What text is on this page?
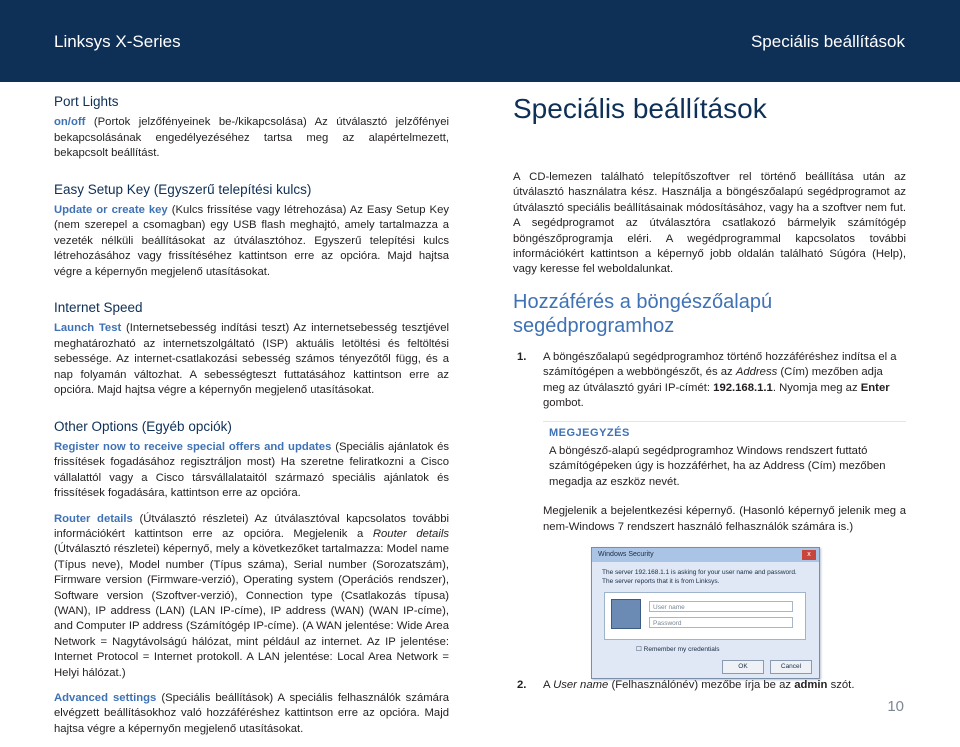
Linksys X-Series	Speciális beállítások
Port Lights

on/off (Portok jelzőfényeinek be-/kikapcsolása) Az útválasztó jelzőfényei bekapcsolásának engedélyezéséhez tartsa meg az alapértelmezett, bekapcsolt beállítást.

Easy Setup Key (Egyszerű telepítési kulcs)

Update or create key (Kulcs frissítése vagy létrehozása) Az Easy Setup Key (nem szerepel a csomagban) egy USB flash meghajtó, amely tartalmazza a vezeték nélküli beállításokat az útválasztóhoz. Egyszerű telepítési kulcs létrehozásához vagy frissítéséhez kattintson erre az opcióra. Majd hajtsa végre a képernyőn megjelenő utasításokat.

Internet Speed

Launch Test (Internetsebesség indítási teszt) Az internetsebesség tesztjével meghatározható az internetszolgáltató (ISP) aktuális letöltési és feltöltési sebessége. Az internet-csatlakozási sebesség számos tényezőtől függ, és a nap folyamán változhat. A sebességteszt futtatásához kattintson erre az opcióra. Majd hajtsa végre a képernyőn megjelenő utasításokat.

Other Options (Egyéb opciók)

Register now to receive special offers and updates (Speciális ajánlatok és frissítések fogadásához regisztráljon most) Ha szeretne feliratkozni a Cisco vállalattól vagy a Cisco társvállalataitól származó speciális ajánlatok és frissítések fogadására, kattintson erre az opcióra.

Router details (Útválasztó részletei) Az útválasztóval kapcsolatos további információkért kattintson erre az opcióra. Megjelenik a Router details (Útválasztó részletei) képernyő, mely a következőket tartalmazza: Model name (Típus neve), Model number (Típus száma), Serial number (Sorozatszám), Firmware version (Firmware-verzió), Operating system (Operációs rendszer), Software version (Szoftver-verzió), Connection type (Csatlakozás típusa) (WAN), IP address (LAN) (LAN IP-címe), IP address (WAN) (WAN IP-címe), and Computer IP address (Számítógép IP-címe). (A WAN jelentése: Wide Area Network = Nagytávolságú hálózat, mint például az internet. Az IP jelentése: Internet Protocol = Internet protokoll. A LAN jelentése: Local Area Network = Helyi hálózat.)

Advanced settings (Speciális beállítások) A speciális felhasználók számára elvégzett beállításokhoz való hozzáféréshez kattintson erre az opcióra. Majd hajtsa végre a képernyőn megjelenő utasításokat.

Speciális beállítások

A CD-lemezen található telepítőszoftver rel történő beállítása után az útválasztó használatra kész. Használja a böngészőalapú segédprogramot az útválasztó speciális beállításainak módosításához, vagy ha a szoftver nem fut. A segédprogramot az útválasztóra csatlakozó bármelyik számítógép böngészőprogramja eléri. A wegédprogrammal kapcsolatos további információkért kattintson a képernyő jobb oldalán található Súgóra (Help), vagy keresse fel weboldalunkat.

Hozzáférés a böngészőalapú segédprogramhoz
1. A böngészőalapú segédprogramhoz történő hozzáféréshez indítsa el a számítógépen a webböngészőt, és az Address (Cím) mezőben adja meg az útválasztó gyári IP-címét: 192.168.1.1. Nyomja meg az Enter gombot.
MEGJEGYZÉS
A böngésző-alapú segédprogramhoz Windows rendszert futtató számítógépeken úgy is hozzáférhet, ha az Address (Cím) mezőben megadja az eszköz nevét.

Megjelenik a bejelentkezési képernyő. (Hasonló képernyő jelenik meg a nem-Windows 7 rendszert használó felhasználók számára is.)

Windows Security	x
The server 192.168.1.1 is asking for your user name and password. The server reports that it is from Linksys.
User name
Password
☐ Remember my credentials
OK	Cancel
2.	A User name (Felhasználónév) mezőbe írja be az admin szót.
10
